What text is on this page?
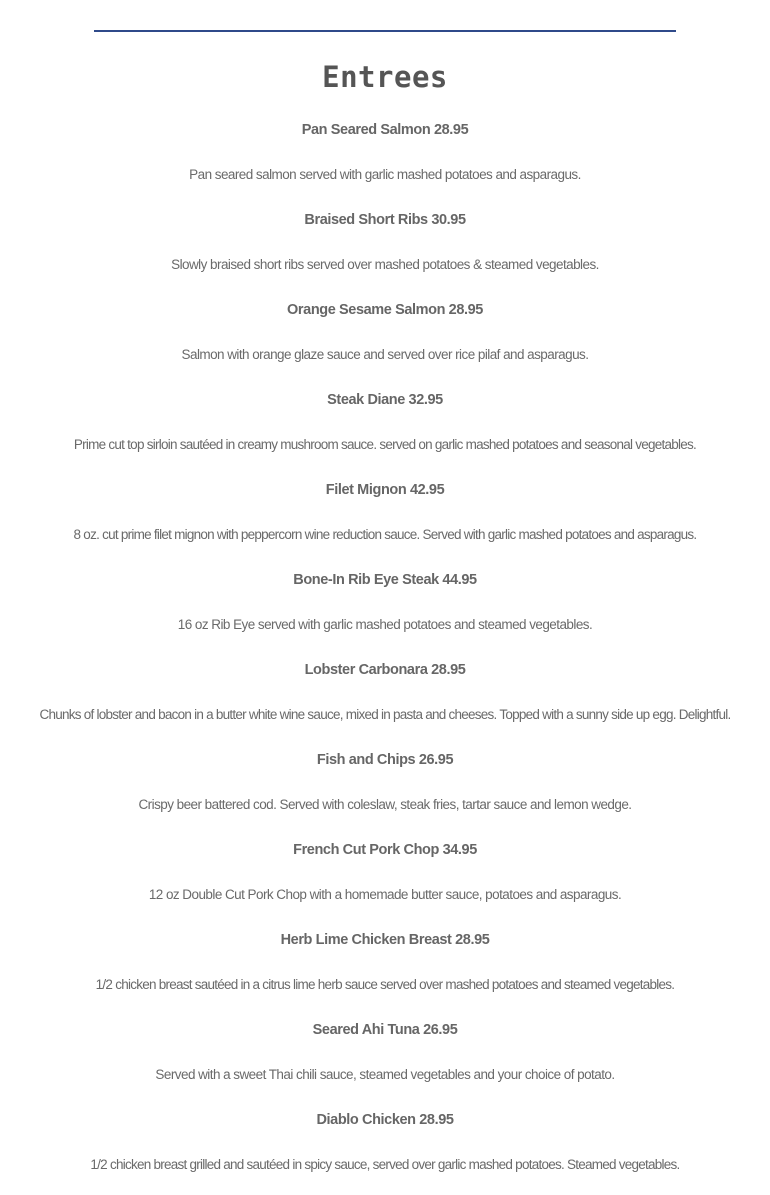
Entrees

Pan Seared Salmon 28.95

Pan seared salmon served with garlic mashed potatoes and asparagus.

Braised Short Ribs 30.95

Slowly braised short ribs served over mashed potatoes & steamed vegetables.

Orange Sesame Salmon 28.95

Salmon with orange glaze sauce and served over rice pilaf and asparagus.

Steak Diane 32.95

Prime cut top sirloin sautéed in creamy mushroom sauce. served on garlic mashed potatoes and seasonal vegetables.

Filet Mignon 42.95

8 oz. cut prime filet mignon with peppercorn wine reduction sauce. Served with garlic mashed potatoes and asparagus.

Bone-In Rib Eye Steak 44.95

16 oz Rib Eye served with garlic mashed potatoes and steamed vegetables.

Lobster Carbonara 28.95

Chunks of lobster and bacon in a butter white wine sauce, mixed in pasta and cheeses. Topped with a sunny side up egg. Delightful.

Fish and Chips 26.95

Crispy beer battered cod. Served with coleslaw, steak fries, tartar sauce and lemon wedge.

French Cut Pork Chop 34.95

12 oz Double Cut Pork Chop with a homemade butter sauce, potatoes and asparagus.

Herb Lime Chicken Breast 28.95

1/2 chicken breast sautéed in a citrus lime herb sauce served over mashed potatoes and steamed vegetables.

Seared Ahi Tuna 26.95

Served with a sweet Thai chili sauce, steamed vegetables and your choice of potato.

Diablo Chicken 28.95

1/2 chicken breast grilled and sautéed in spicy sauce, served over garlic mashed potatoes. Steamed vegetables.
